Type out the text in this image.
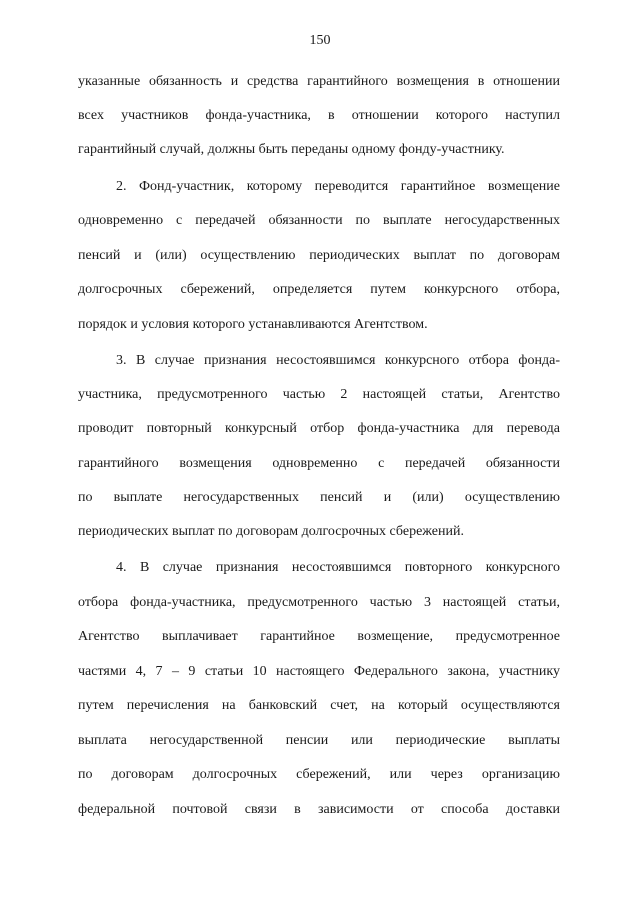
150
указанные обязанность и средства гарантийного возмещения в отношении
всех участников фонда-участника, в отношении которого наступил
гарантийный случай, должны быть переданы одному фонду-участнику.
2. Фонд-участник, которому переводится гарантийное возмещение
одновременно с передачей обязанности по выплате негосударственных
пенсий и (или) осуществлению периодических выплат по договорам
долгосрочных сбережений, определяется путем конкурсного отбора,
порядок и условия которого устанавливаются Агентством.
3. В случае признания несостоявшимся конкурсного отбора фонда-
участника, предусмотренного частью 2 настоящей статьи, Агентство
проводит повторный конкурсный отбор фонда-участника для перевода
гарантийного возмещения одновременно с передачей обязанности
по выплате негосударственных пенсий и (или) осуществлению
периодических выплат по договорам долгосрочных сбережений.
4. В случае признания несостоявшимся повторного конкурсного
отбора фонда-участника, предусмотренного частью 3 настоящей статьи,
Агентство выплачивает гарантийное возмещение, предусмотренное
частями 4, 7 – 9 статьи 10 настоящего Федерального закона, участнику
путем перечисления на банковский счет, на который осуществляются
выплата негосударственной пенсии или периодические выплаты
по договорам долгосрочных сбережений, или через организацию
федеральной почтовой связи в зависимости от способа доставки
